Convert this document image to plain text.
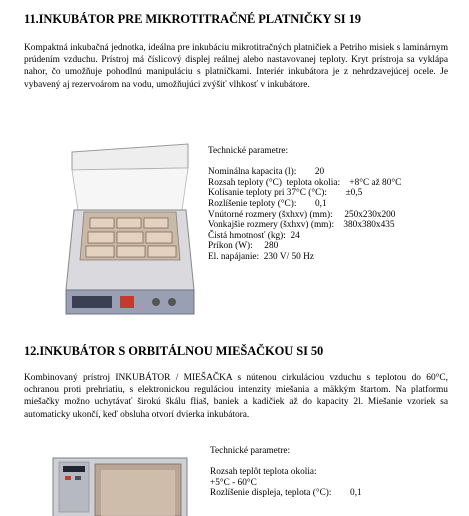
11.INKUBÁTOR PRE MIKROTITRAČNÉ PLATNIČKY SI 19
Kompaktná inkubačná jednotka, ideálna pre inkubáciu mikrotitračných platničiek a Petriho misiek s laminárnym prúdením vzduchu. Prístroj má číslicový displej reálnej alebo nastavovanej teploty. Kryt prístroja sa vyklápa nahor, čo umožňuje pohodlnú manipuláciu s platničkami. Interiér inkubátora je z nehrdzavejúcej ocele. Je vybavený aj rezervoárom na vodu, umožňujúci zvýšiť vlhkosť v inkubátore.
Technické parametre:
Nominálna kapacita (l):        20
Rozsah teploty (°C)  teplota okolia:    +8°C až 80°C
Kolísanie teploty pri 37°C (°C):        ±0,5
Rozlíšenie teploty (°C):        0,1
Vnútorné rozmery (šxhxv) (mm):     250x230x200
Vonkajšie rozmery (šxhxv) (mm):    380x380x435
Čistá hmotnosť (kg):  24
Príkon (W):     280
El. napájanie:  230 V/ 50 Hz
12.INKUBÁTOR S ORBITÁLNOU MIEŠAČKOU SI 50
Kombinovaný prístroj INKUBÁTOR / MIEŠAČKA s nútenou cirkuláciou vzduchu s teplotou do 60°C, ochranou proti prehriatiu, s elektronickou reguláciou intenzity miešania a mäkkým štartom. Na platformu miešačky možno uchytávať širokú škálu fliaš, baniek a kadičiek až do kapacity 2l. Miešanie vzoriek sa automaticky ukončí, keď obsluha otvorí dvierka inkubátora.
Technické parametre:
Rozsah teplôt teplota okolia:
+5°C - 60°C
Rozlíšenie displeja, teplota (°C):        0,1
